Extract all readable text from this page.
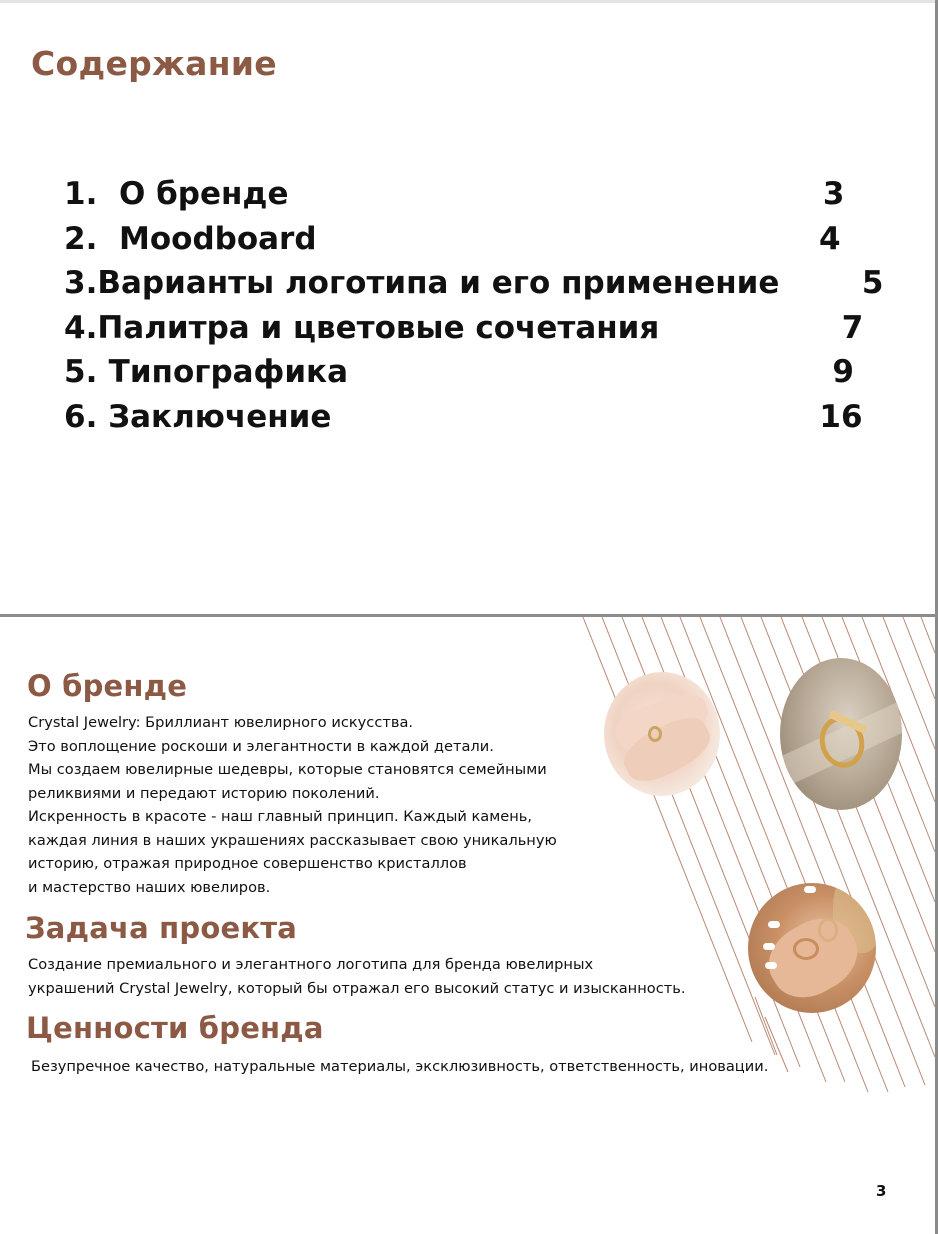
Содержание
1. О бренде	3
2. Moodboard	4
3. Варианты логотипа и его применение	5
4. Палитра и цветовые сочетания	7
5. Типографика	9
6. Заключение	16
О бренде
Crystal Jewelry: Бриллиант ювелирного искусства.
Это воплощение роскоши и элегантности в каждой детали.
Мы создаем ювелирные шедевры, которые становятся семейными
реликвиями и передают историю поколений.
Искренность в красоте - наш главный принцип. Каждый камень,
каждая линия в наших украшениях рассказывает свою уникальную
историю, отражая природное совершенство кристаллов
и мастерство наших ювелиров.
Задача проекта
Создание премиального и элегантного логотипа для бренда ювелирных
украшений Crystal Jewelry, который бы отражал его высокий статус и изысканность.
Ценности бренда
Безупречное качество, натуральные материалы, эксклюзивность, ответственность, иновации.
3
